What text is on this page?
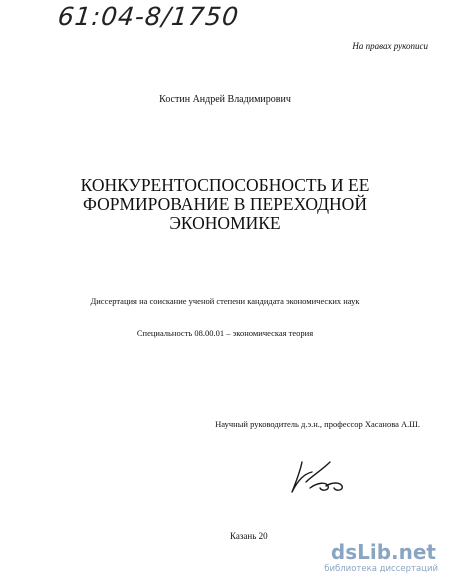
61:04-8/1750
На правах рукописи
Костин Андрей Владимирович
КОНКУРЕНТОСПОСОБНОСТЬ И ЕЕ
ФОРМИРОВАНИЕ В ПЕРЕХОДНОЙ
ЭКОНОМИКЕ
Диссертация на соискание ученой степени кандидата экономических наук
Специальность 08.00.01 – экономическая теория
Научный руководитель д.э.н., профессор Хасанова А.Ш.
Казань 20
dsLib.net
библиотека диссертаций
